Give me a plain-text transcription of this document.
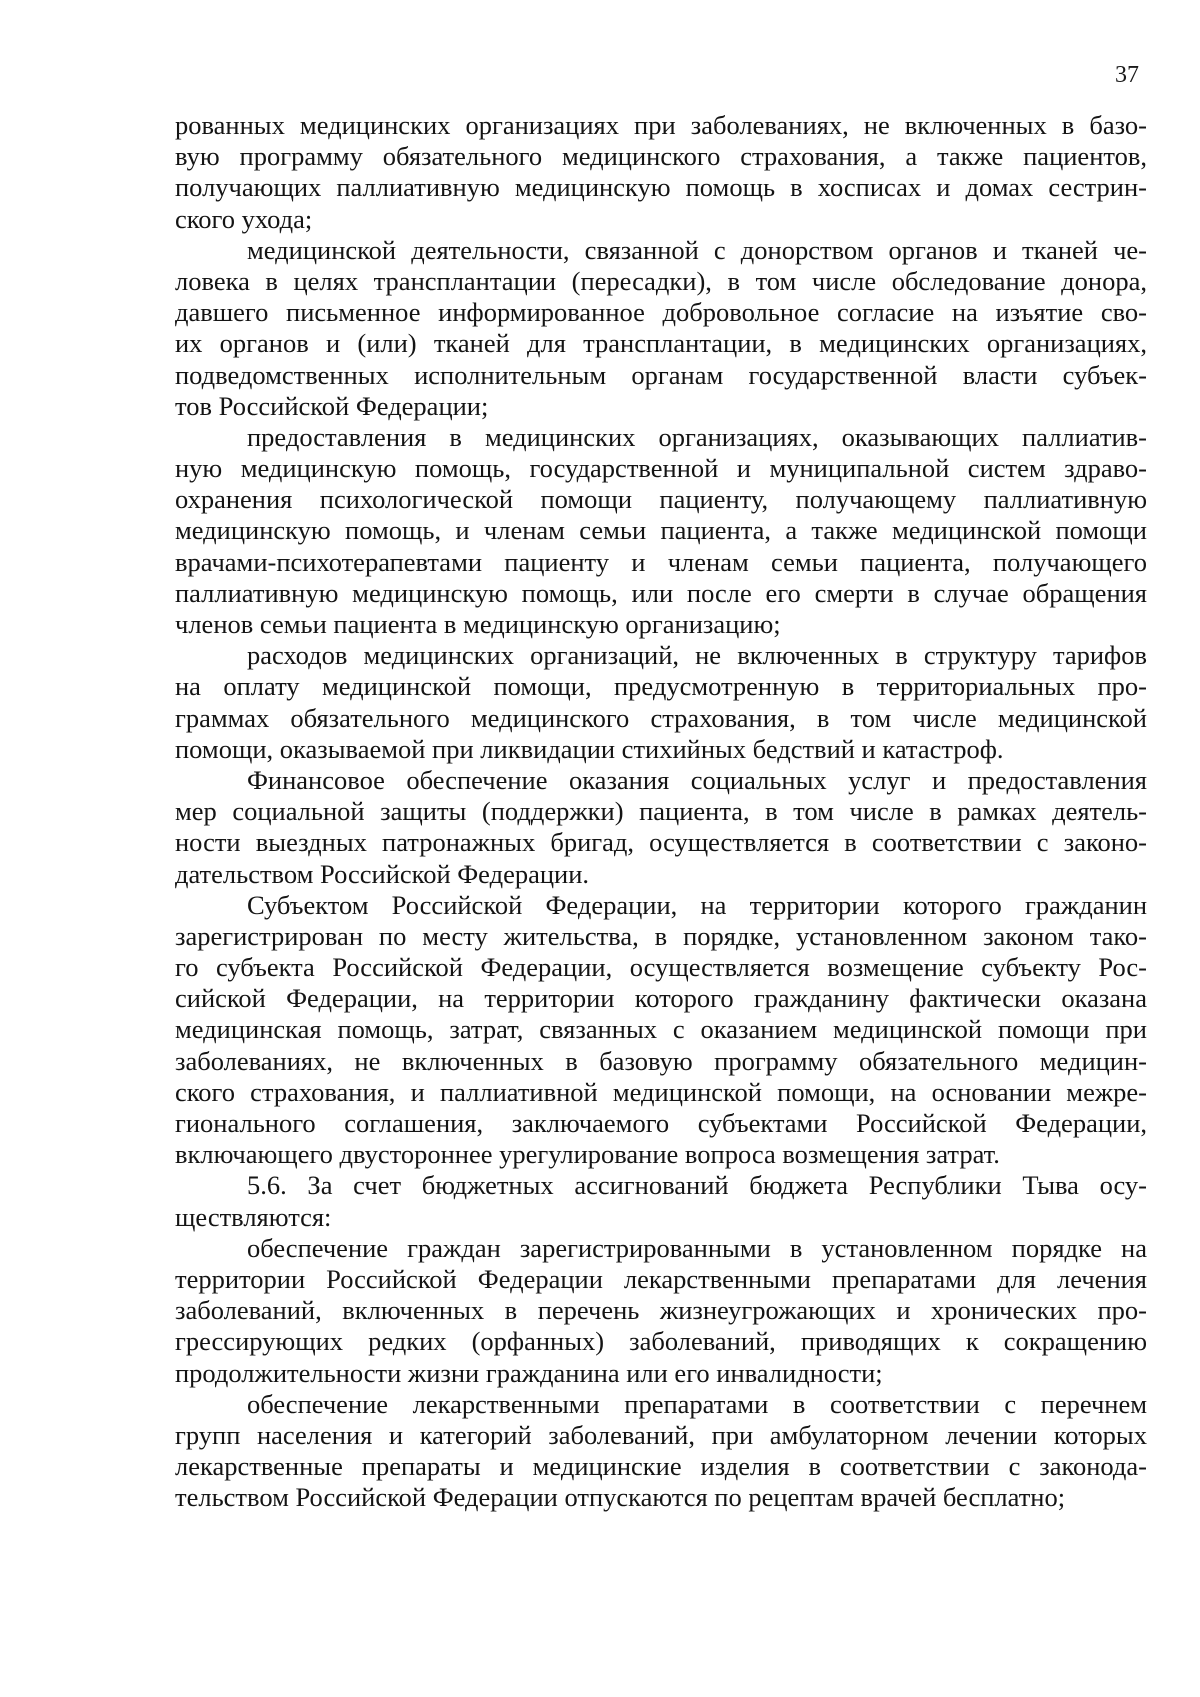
37
рованных медицинских организациях при заболеваниях, не включенных в базо-
вую программу обязательного медицинского страхования, а также пациентов,
получающих паллиативную медицинскую помощь в хосписах и домах сестрин-
ского ухода;
медицинской деятельности, связанной с донорством органов и тканей че-
ловека в целях трансплантации (пересадки), в том числе обследование донора,
давшего письменное информированное добровольное согласие на изъятие сво-
их органов и (или) тканей для трансплантации, в медицинских организациях,
подведомственных исполнительным органам государственной власти субъек-
тов Российской Федерации;
предоставления в медицинских организациях, оказывающих паллиатив-
ную медицинскую помощь, государственной и муниципальной систем здраво-
охранения психологической помощи пациенту, получающему паллиативную
медицинскую помощь, и членам семьи пациента, а также медицинской помощи
врачами-психотерапевтами пациенту и членам семьи пациента, получающего
паллиативную медицинскую помощь, или после его смерти в случае обращения
членов семьи пациента в медицинскую организацию;
расходов медицинских организаций, не включенных в структуру тарифов
на оплату медицинской помощи, предусмотренную в территориальных про-
граммах обязательного медицинского страхования, в том числе медицинской
помощи, оказываемой при ликвидации стихийных бедствий и катастроф.
Финансовое обеспечение оказания социальных услуг и предоставления
мер социальной защиты (поддержки) пациента, в том числе в рамках деятель-
ности выездных патронажных бригад, осуществляется в соответствии с законо-
дательством Российской Федерации.
Субъектом Российской Федерации, на территории которого гражданин
зарегистрирован по месту жительства, в порядке, установленном законом тако-
го субъекта Российской Федерации, осуществляется возмещение субъекту Рос-
сийской Федерации, на территории которого гражданину фактически оказана
медицинская помощь, затрат, связанных с оказанием медицинской помощи при
заболеваниях, не включенных в базовую программу обязательного медицин-
ского страхования, и паллиативной медицинской помощи, на основании межре-
гионального соглашения, заключаемого субъектами Российской Федерации,
включающего двустороннее урегулирование вопроса возмещения затрат.
5.6. За счет бюджетных ассигнований бюджета Республики Тыва осу-
ществляются:
обеспечение граждан зарегистрированными в установленном порядке на
территории Российской Федерации лекарственными препаратами для лечения
заболеваний, включенных в перечень жизнеугрожающих и хронических про-
грессирующих редких (орфанных) заболеваний, приводящих к сокращению
продолжительности жизни гражданина или его инвалидности;
обеспечение лекарственными препаратами в соответствии с перечнем
групп населения и категорий заболеваний, при амбулаторном лечении которых
лекарственные препараты и медицинские изделия в соответствии с законода-
тельством Российской Федерации отпускаются по рецептам врачей бесплатно;
